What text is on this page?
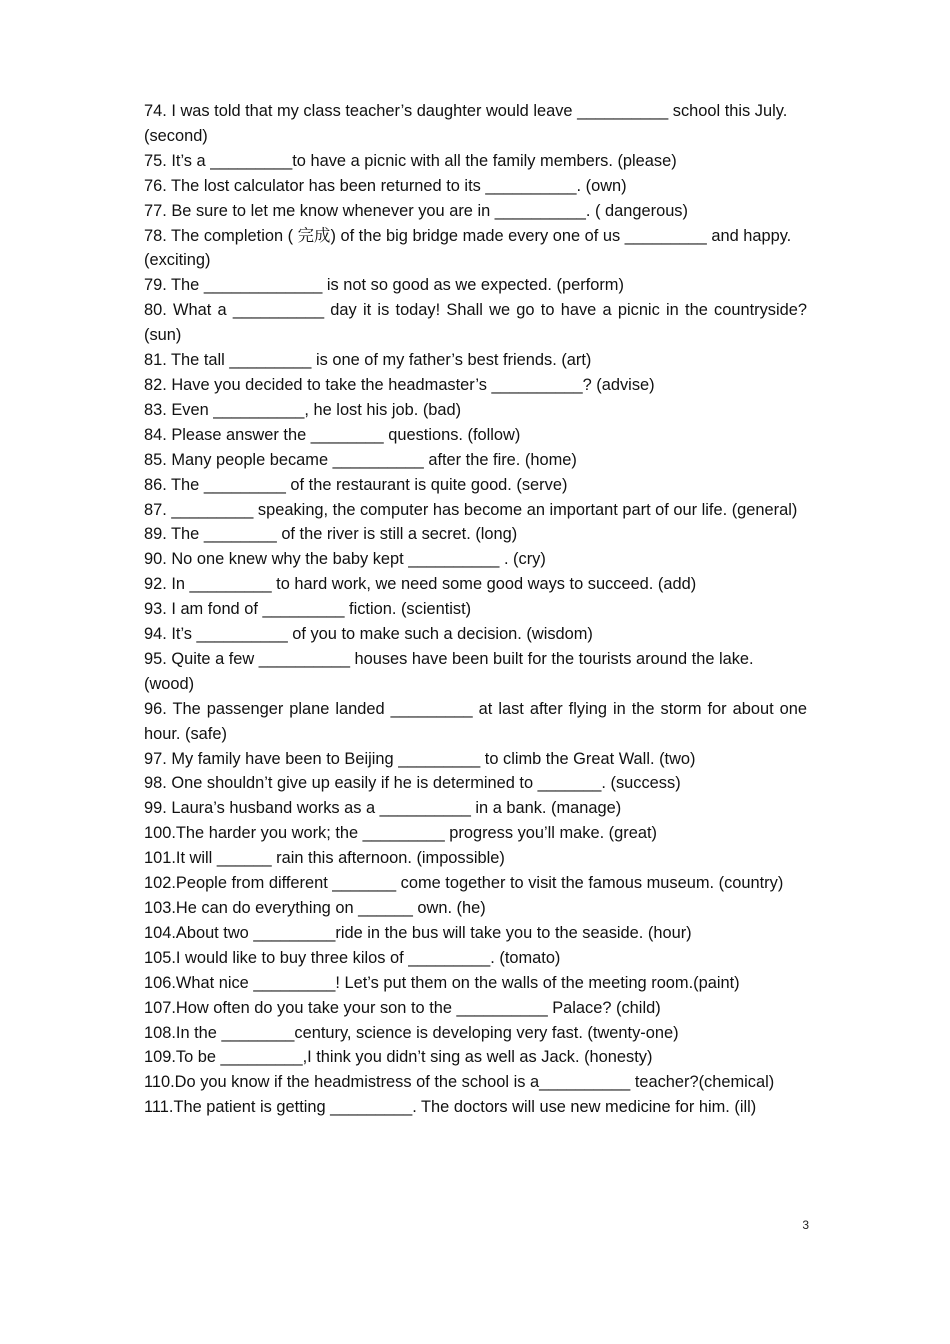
74. I was told that my class teacher’s daughter would leave __________ school this July. (second)

75. It’s a _________to have a picnic with all the family members. (please)

76. The lost calculator has been returned to its __________. (own)

77. Be sure to let me know whenever you are in __________. ( dangerous)

78. The completion ( 完成) of the big bridge made every one of us _________ and happy. (exciting)

79. The _____________ is not so good as we expected. (perform)

80. What a __________ day it is today! Shall we go to have a picnic in the countryside? (sun)

81. The tall _________ is one of my father’s best friends. (art)

82. Have you decided to take the headmaster’s __________? (advise)

83. Even __________, he lost his job. (bad)

84. Please answer the ________ questions. (follow)

85. Many people became __________ after the fire. (home)

86. The _________ of the restaurant is quite good. (serve)

87. _________ speaking, the computer has become an important part of our life. (general)

89. The ________ of the river is still a secret. (long)

90. No one knew why the baby kept __________ . (cry)

92. In _________ to hard work, we need some good ways to succeed. (add)

93. I am fond of _________ fiction. (scientist)

94. It’s __________ of you to make such a decision. (wisdom)

95. Quite a few __________ houses have been built for the tourists around the lake. (wood)

96. The passenger plane landed _________ at last after flying in the storm for about one hour. (safe)

97. My family have been to Beijing _________ to climb the Great Wall. (two)

98. One shouldn’t give up easily if he is determined to _______. (success)

99. Laura’s husband works as a __________ in a bank. (manage)

100.The harder you work; the _________ progress you’ll make. (great)

101.It will ______ rain this afternoon. (impossible)

102.People from different _______ come together to visit the famous museum. (country)

103.He can do everything on ______ own. (he)

104.About two _________ride in the bus will take you to the seaside. (hour)

105.I would like to buy three kilos of _________. (tomato)

106.What nice _________! Let’s put them on the walls of the meeting room.(paint)

107.How often do you take your son to the __________ Palace? (child)

108.In the ________century, science is developing very fast. (twenty-one)

109.To be _________,I think you didn’t sing as well as Jack. (honesty)

110.Do you know if the headmistress of the school is a__________ teacher?(chemical)

111.The patient is getting _________. The doctors will use new medicine for him. (ill)

3
